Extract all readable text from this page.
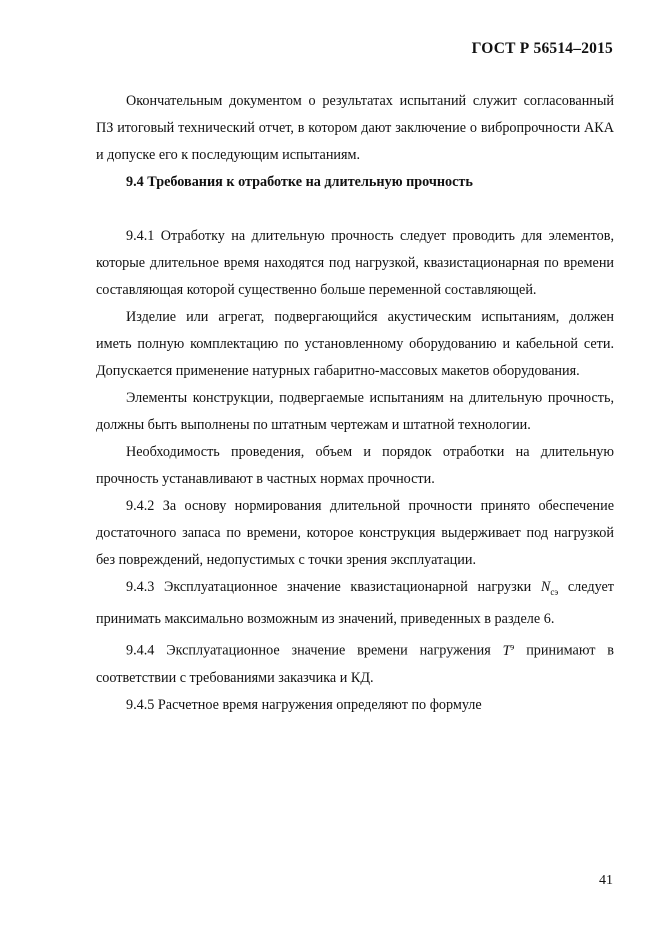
ГОСТ Р 56514–2015

Окончательным документом о результатах испытаний служит согласованный ПЗ итоговый технический отчет, в котором дают заключение о вибропрочности АКА и допуске его к последующим испытаниям.

9.4 Требования к отработке на длительную прочность

9.4.1 Отработку на длительную прочность следует проводить для элементов, которые длительное время находятся под нагрузкой, квазистационарная по времени составляющая которой существенно больше переменной составляющей.

Изделие или агрегат, подвергающийся акустическим испытаниям, должен иметь полную комплектацию по установленному оборудованию и кабельной сети. Допускается применение натурных габаритно-массовых макетов оборудования.

Элементы конструкции, подвергаемые испытаниям на длительную прочность, должны быть выполнены по штатным чертежам и штатной технологии.

Необходимость проведения, объем и порядок отработки на длительную прочность устанавливают в частных нормах прочности.

9.4.2 За основу нормирования длительной прочности принято обеспечение достаточного запаса по времени, которое конструкция выдерживает под нагрузкой без повреждений, недопустимых с точки зрения эксплуатации.

9.4.3 Эксплуатационное значение квазистационарной нагрузки $N_{сэ}$ следует принимать максимально возможным из значений, приведенных в разделе 6.

9.4.4 Эксплуатационное значение времени нагружения $T^э$ принимают в соответствии с требованиями заказчика и КД.

9.4.5 Расчетное время нагружения определяют по формуле

41
